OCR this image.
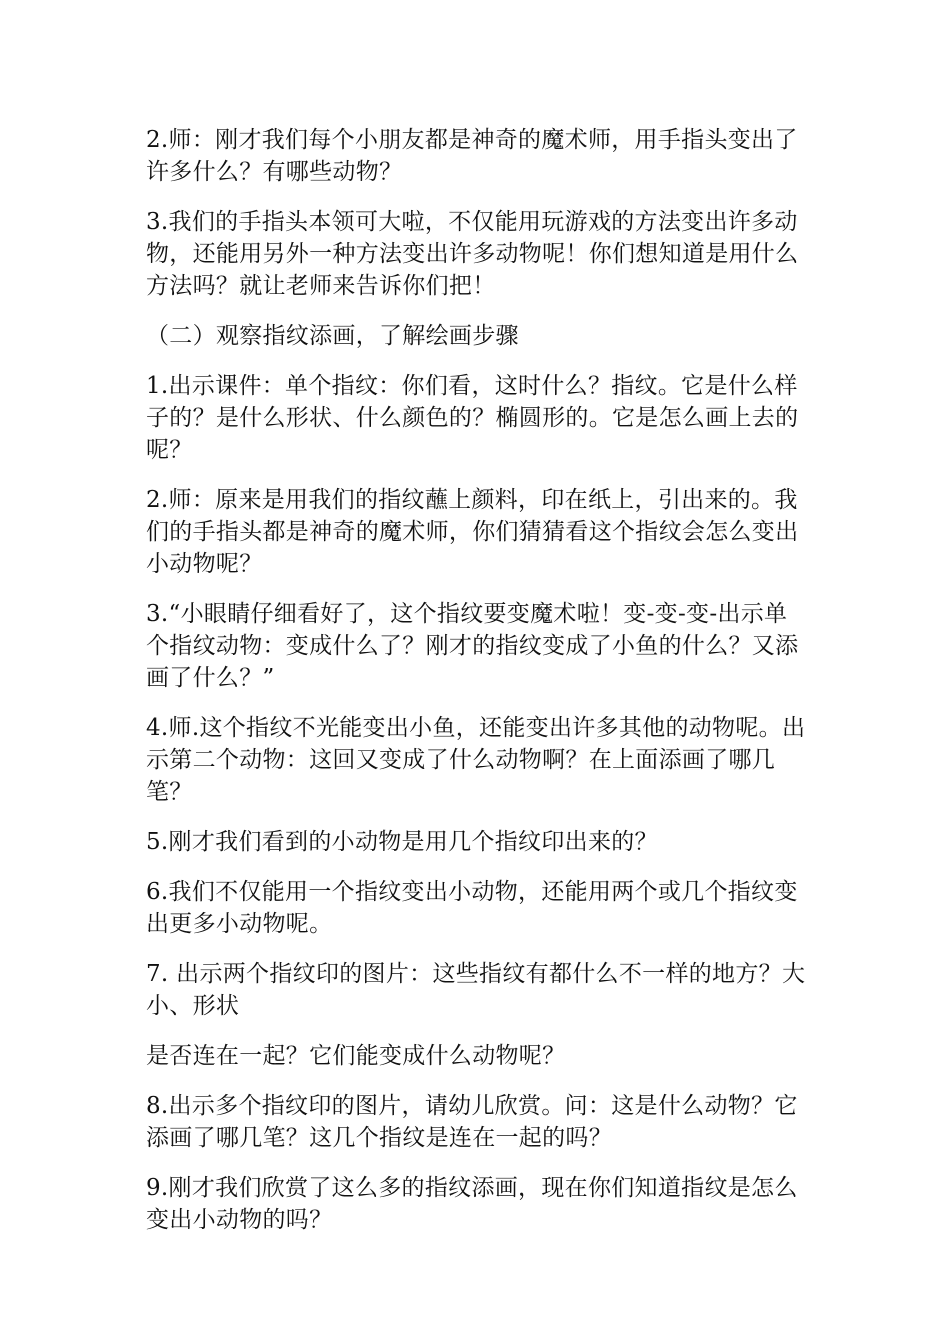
2.师：刚才我们每个小朋友都是神奇的魔术师，用手指头变出了许多什么？有哪些动物？

3.我们的手指头本领可大啦，不仅能用玩游戏的方法变出许多动物，还能用另外一种方法变出许多动物呢！你们想知道是用什么方法吗？就让老师来告诉你们把！

（二）观察指纹添画，了解绘画步骤

1.出示课件：单个指纹：你们看，这时什么？指纹。它是什么样子的？是什么形状、什么颜色的？椭圆形的。它是怎么画上去的呢？

2.师：原来是用我们的指纹蘸上颜料，印在纸上，引出来的。我们的手指头都是神奇的魔术师，你们猜猜看这个指纹会怎么变出小动物呢？

3.“小眼睛仔细看好了，这个指纹要变魔术啦！变-变-变-出示单个指纹动物：变成什么了？刚才的指纹变成了小鱼的什么？又添画了什么？”

4.师.这个指纹不光能变出小鱼，还能变出许多其他的动物呢。出示第二个动物：这回又变成了什么动物啊？在上面添画了哪几笔？

5.刚才我们看到的小动物是用几个指纹印出来的？

6.我们不仅能用一个指纹变出小动物，还能用两个或几个指纹变出更多小动物呢。

7. 出示两个指纹印的图片：这些指纹有都什么不一样的地方？大小、形状

是否连在一起？它们能变成什么动物呢？

8.出示多个指纹印的图片，请幼儿欣赏。问：这是什么动物？它添画了哪几笔？这几个指纹是连在一起的吗？

9.刚才我们欣赏了这么多的指纹添画，现在你们知道指纹是怎么变出小动物的吗？
